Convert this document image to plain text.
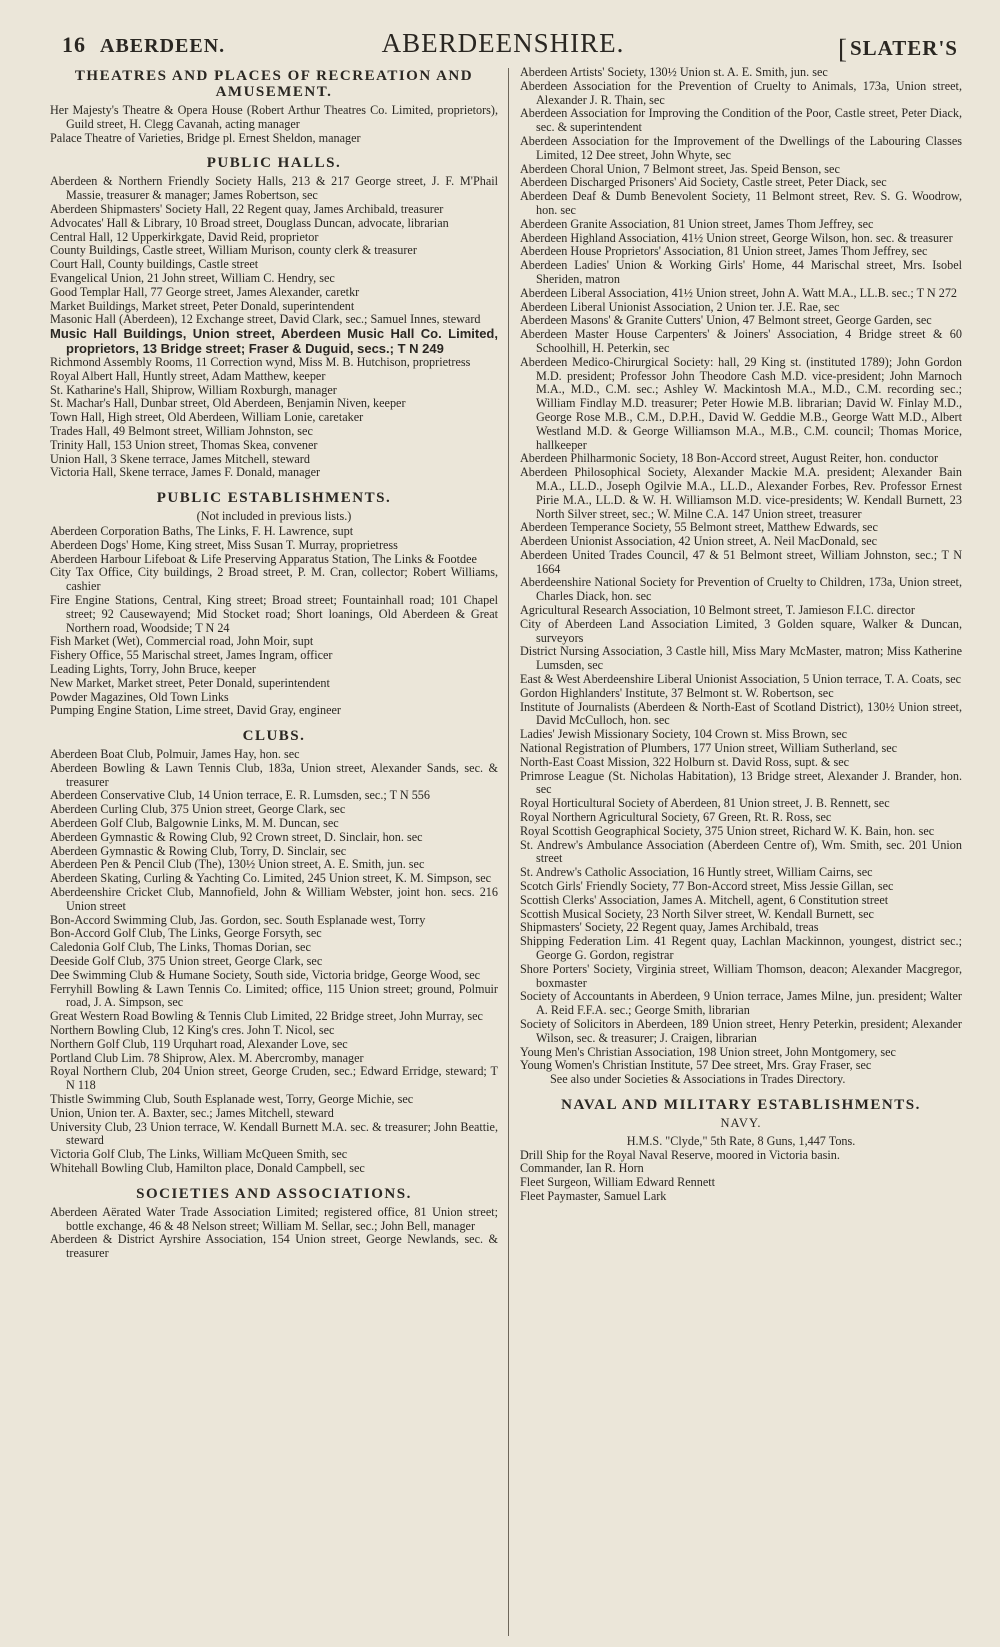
16 ABERDEEN.	ABERDEENSHIRE.	[SLATER'S
THEATRES AND PLACES OF RECREATION AND AMUSEMENT.
Her Majesty's Theatre & Opera House (Robert Arthur Theatres Co. Limited, proprietors), Guild street, H. Clegg Cavanah, acting manager
Palace Theatre of Varieties, Bridge pl. Ernest Sheldon, manager
PUBLIC HALLS.
Aberdeen & Northern Friendly Society Halls, 213 & 217 George street, J. F. M'Phail Massie, treasurer & manager; James Robertson, sec
Aberdeen Shipmasters' Society Hall, 22 Regent quay, James Archibald, treasurer
Advocates' Hall & Library, 10 Broad street, Douglass Duncan, advocate, librarian
Central Hall, 12 Upperkirkgate, David Reid, proprietor
County Buildings, Castle street, William Murison, county clerk & treasurer
Court Hall, County buildings, Castle street
Evangelical Union, 21 John street, William C. Hendry, sec
Good Templar Hall, 77 George street, James Alexander, caretkr
Market Buildings, Market street, Peter Donald, superintendent
Masonic Hall (Aberdeen), 12 Exchange street, David Clark, sec.; Samuel Innes, steward
Music Hall Buildings, Union street, Aberdeen Music Hall Co. Limited, proprietors, 13 Bridge street; Fraser & Duguid, secs.; T N 249
Richmond Assembly Rooms, 11 Correction wynd, Miss M. B. Hutchison, proprietress
Royal Albert Hall, Huntly street, Adam Matthew, keeper
St. Katharine's Hall, Shiprow, William Roxburgh, manager
St. Machar's Hall, Dunbar street, Old Aberdeen, Benjamin Niven, keeper
Town Hall, High street, Old Aberdeen, William Lonie, caretaker
Trades Hall, 49 Belmont street, William Johnston, sec
Trinity Hall, 153 Union street, Thomas Skea, convener
Union Hall, 3 Skene terrace, James Mitchell, steward
Victoria Hall, Skene terrace, James F. Donald, manager
PUBLIC ESTABLISHMENTS.
(Not included in previous lists.)
Aberdeen Corporation Baths, The Links, F. H. Lawrence, supt
Aberdeen Dogs' Home, King street, Miss Susan T. Murray, proprietress
Aberdeen Harbour Lifeboat & Life Preserving Apparatus Station, The Links & Footdee
City Tax Office, City buildings, 2 Broad street, P. M. Cran, collector; Robert Williams, cashier
Fire Engine Stations, Central, King street; Broad street; Fountainhall road; 101 Chapel street; 92 Causewayend; Mid Stocket road; Short loanings, Old Aberdeen & Great Northern road, Woodside; T N 24
Fish Market (Wet), Commercial road, John Moir, supt
Fishery Office, 55 Marischal street, James Ingram, officer
Leading Lights, Torry, John Bruce, keeper
New Market, Market street, Peter Donald, superintendent
Powder Magazines, Old Town Links
Pumping Engine Station, Lime street, David Gray, engineer
CLUBS.
Aberdeen Boat Club, Polmuir, James Hay, hon. sec
Aberdeen Bowling & Lawn Tennis Club, 183a, Union street, Alexander Sands, sec. & treasurer
Aberdeen Conservative Club, 14 Union terrace, E. R. Lumsden, sec.; T N 556
Aberdeen Curling Club, 375 Union street, George Clark, sec
Aberdeen Golf Club, Balgownie Links, M. M. Duncan, sec
Aberdeen Gymnastic & Rowing Club, 92 Crown street, D. Sinclair, hon. sec
Aberdeen Gymnastic & Rowing Club, Torry, D. Sinclair, sec
Aberdeen Pen & Pencil Club (The), 130½ Union street, A. E. Smith, jun. sec
Aberdeen Skating, Curling & Yachting Co. Limited, 245 Union street, K. M. Simpson, sec
Aberdeenshire Cricket Club, Mannofield, John & William Webster, joint hon. secs. 216 Union street
Bon-Accord Swimming Club, Jas. Gordon, sec. South Esplanade west, Torry
Bon-Accord Golf Club, The Links, George Forsyth, sec
Caledonia Golf Club, The Links, Thomas Dorian, sec
Deeside Golf Club, 375 Union street, George Clark, sec
Dee Swimming Club & Humane Society, South side, Victoria bridge, George Wood, sec
Ferryhill Bowling & Lawn Tennis Co. Limited; office, 115 Union street; ground, Polmuir road, J. A. Simpson, sec
Great Western Road Bowling & Tennis Club Limited, 22 Bridge street, John Murray, sec
Northern Bowling Club, 12 King's cres. John T. Nicol, sec
Northern Golf Club, 119 Urquhart road, Alexander Love, sec
Portland Club Lim. 78 Shiprow, Alex. M. Abercromby, manager
Royal Northern Club, 204 Union street, George Cruden, sec.; Edward Erridge, steward; T N 118
Thistle Swimming Club, South Esplanade west, Torry, George Michie, sec
Union, Union ter. A. Baxter, sec.; James Mitchell, steward
University Club, 23 Union terrace, W. Kendall Burnett M.A. sec. & treasurer; John Beattie, steward
Victoria Golf Club, The Links, William McQueen Smith, sec
Whitehall Bowling Club, Hamilton place, Donald Campbell, sec
SOCIETIES AND ASSOCIATIONS.
Aberdeen Aërated Water Trade Association Limited; registered office, 81 Union street; bottle exchange, 46 & 48 Nelson street; William M. Sellar, sec.; John Bell, manager
Aberdeen & District Ayrshire Association, 154 Union street, George Newlands, sec. & treasurer
Aberdeen Artists' Society, 130½ Union st. A. E. Smith, jun. sec
Aberdeen Association for the Prevention of Cruelty to Animals, 173a, Union street, Alexander J. R. Thain, sec
Aberdeen Association for Improving the Condition of the Poor, Castle street, Peter Diack, sec. & superintendent
Aberdeen Association for the Improvement of the Dwellings of the Labouring Classes Limited, 12 Dee street, John Whyte, sec
Aberdeen Choral Union, 7 Belmont street, Jas. Speid Benson, sec
Aberdeen Discharged Prisoners' Aid Society, Castle street, Peter Diack, sec
Aberdeen Deaf & Dumb Benevolent Society, 11 Belmont street, Rev. S. G. Woodrow, hon. sec
Aberdeen Granite Association, 81 Union street, James Thom Jeffrey, sec
Aberdeen Highland Association, 41½ Union street, George Wilson, hon. sec. & treasurer
Aberdeen House Proprietors' Association, 81 Union street, James Thom Jeffrey, sec
Aberdeen Ladies' Union & Working Girls' Home, 44 Marischal street, Mrs. Isobel Sheriden, matron
Aberdeen Liberal Association, 41½ Union street, John A. Watt M.A., LL.B. sec.; T N 272
Aberdeen Liberal Unionist Association, 2 Union ter. J.E. Rae, sec
Aberdeen Masons' & Granite Cutters' Union, 47 Belmont street, George Garden, sec
Aberdeen Master House Carpenters' & Joiners' Association, 4 Bridge street & 60 Schoolhill, H. Peterkin, sec
Aberdeen Medico-Chirurgical Society: hall, 29 King st. (instituted 1789); John Gordon M.D. president; Professor John Theodore Cash M.D. vice-president; John Marnoch M.A., M.D., C.M. sec.; Ashley W. Mackintosh M.A., M.D., C.M. recording sec.; William Findlay M.D. treasurer; Peter Howie M.B. librarian; David W. Finlay M.D., George Rose M.B., C.M., D.P.H., David W. Geddie M.B., George Watt M.D., Albert Westland M.D. & George Williamson M.A., M.B., C.M. council; Thomas Morice, hallkeeper
Aberdeen Philharmonic Society, 18 Bon-Accord street, August Reiter, hon. conductor
Aberdeen Philosophical Society, Alexander Mackie M.A. president; Alexander Bain M.A., LL.D., Joseph Ogilvie M.A., LL.D., Alexander Forbes, Rev. Professor Ernest Pirie M.A., LL.D. & W. H. Williamson M.D. vice-presidents; W. Kendall Burnett, 23 North Silver street, sec.; W. Milne C.A. 147 Union street, treasurer
Aberdeen Temperance Society, 55 Belmont street, Matthew Edwards, sec
Aberdeen Unionist Association, 42 Union street, A. Neil MacDonald, sec
Aberdeen United Trades Council, 47 & 51 Belmont street, William Johnston, sec.; T N 1664
Aberdeenshire National Society for Prevention of Cruelty to Children, 173a, Union street, Charles Diack, hon. sec
Agricultural Research Association, 10 Belmont street, T. Jamieson F.I.C. director
City of Aberdeen Land Association Limited, 3 Golden square, Walker & Duncan, surveyors
District Nursing Association, 3 Castle hill, Miss Mary McMaster, matron; Miss Katherine Lumsden, sec
East & West Aberdeenshire Liberal Unionist Association, 5 Union terrace, T. A. Coats, sec
Gordon Highlanders' Institute, 37 Belmont st. W. Robertson, sec
Institute of Journalists (Aberdeen & North-East of Scotland District), 130½ Union street, David McCulloch, hon. sec
Ladies' Jewish Missionary Society, 104 Crown st. Miss Brown, sec
National Registration of Plumbers, 177 Union street, William Sutherland, sec
North-East Coast Mission, 322 Holburn st. David Ross, supt. & sec
Primrose League (St. Nicholas Habitation), 13 Bridge street, Alexander J. Brander, hon. sec
Royal Horticultural Society of Aberdeen, 81 Union street, J. B. Rennett, sec
Royal Northern Agricultural Society, 67 Green, Rt. R. Ross, sec
Royal Scottish Geographical Society, 375 Union street, Richard W. K. Bain, hon. sec
St. Andrew's Ambulance Association (Aberdeen Centre of), Wm. Smith, sec. 201 Union street
St. Andrew's Catholic Association, 16 Huntly street, William Cairns, sec
Scotch Girls' Friendly Society, 77 Bon-Accord street, Miss Jessie Gillan, sec
Scottish Clerks' Association, James A. Mitchell, agent, 6 Constitution street
Scottish Musical Society, 23 North Silver street, W. Kendall Burnett, sec
Shipmasters' Society, 22 Regent quay, James Archibald, treas
Shipping Federation Lim. 41 Regent quay, Lachlan Mackinnon, youngest, district sec.; George G. Gordon, registrar
Shore Porters' Society, Virginia street, William Thomson, deacon; Alexander Macgregor, boxmaster
Society of Accountants in Aberdeen, 9 Union terrace, James Milne, jun. president; Walter A. Reid F.F.A. sec.; George Smith, librarian
Society of Solicitors in Aberdeen, 189 Union street, Henry Peterkin, president; Alexander Wilson, sec. & treasurer; J. Craigen, librarian
Young Men's Christian Association, 198 Union street, John Montgomery, sec
Young Women's Christian Institute, 57 Dee street, Mrs. Gray Fraser, sec
See also under Societies & Associations in Trades Directory.
NAVAL AND MILITARY ESTABLISHMENTS.
NAVY.
H.M.S. "Clyde," 5th Rate, 8 Guns, 1,447 Tons.
Drill Ship for the Royal Naval Reserve, moored in Victoria basin.
Commander, Ian R. Horn
Fleet Surgeon, William Edward Rennett
Fleet Paymaster, Samuel Lark
